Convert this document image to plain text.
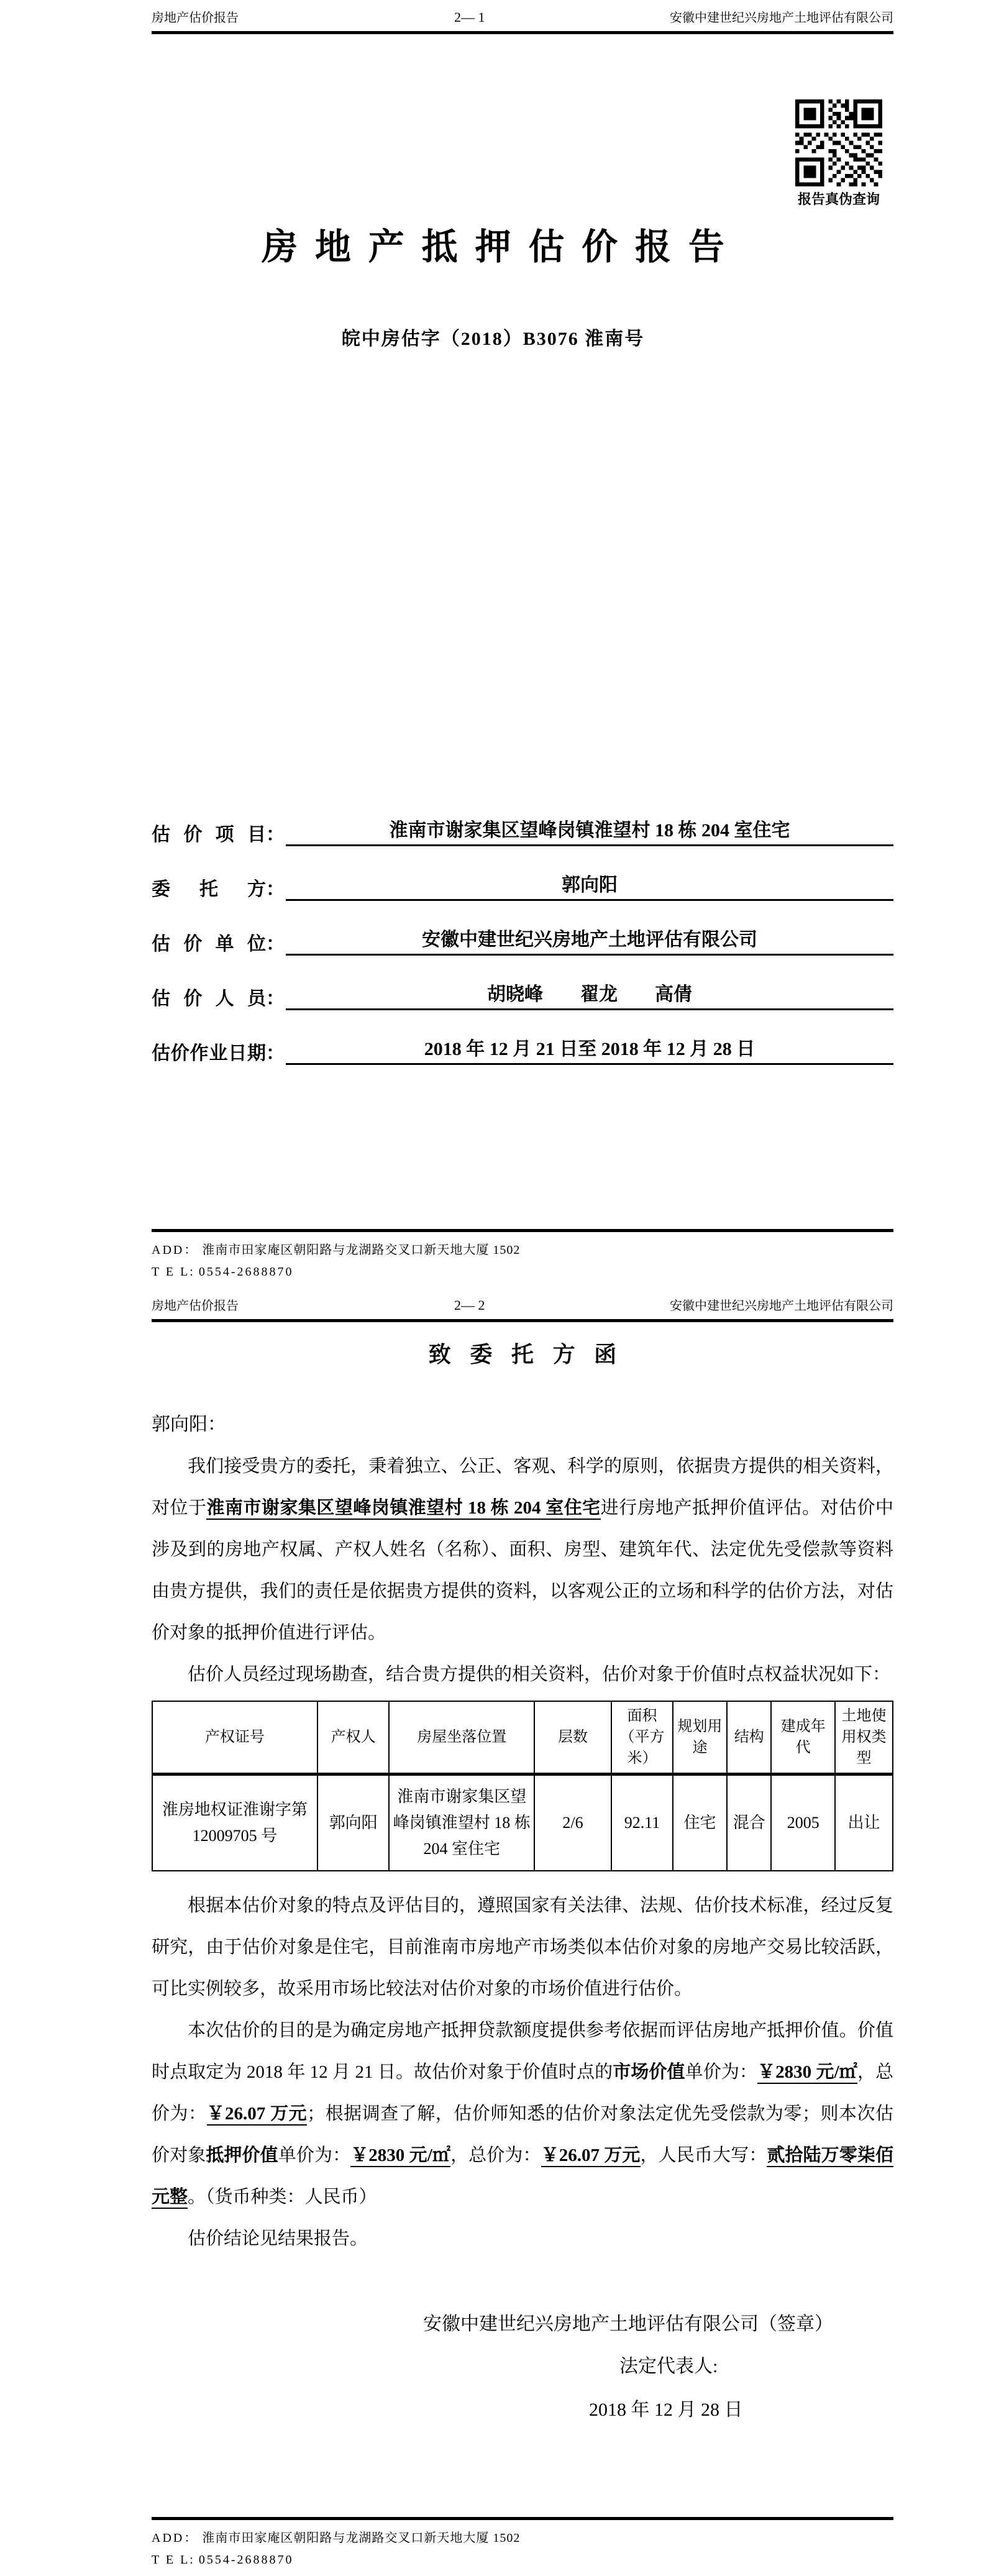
房地产估价报告	2— 1	安徽中建世纪兴房地产土地评估有限公司
报告真伪查询
房地产抵押估价报告
皖中房估字（2018）B3076 淮南号
估价项目 ：	淮南市谢家集区望峰岗镇淮望村 18 栋 204 室住宅
委托方 ：	郭向阳
估价单位 ：	安徽中建世纪兴房地产土地评估有限公司
估价人员 ：	胡晓峰　　翟龙　　高倩
估价作业日期 ：	2018 年 12 月 21 日至 2018 年 12 月 28 日
ADD： 淮南市田家庵区朝阳路与龙湖路交叉口新天地大厦 1502
T E L: 0554-2688870
房地产估价报告	2— 2	安徽中建世纪兴房地产土地评估有限公司
致委托方函
郭向阳：

我们接受贵方的委托，秉着独立、公正、客观、科学的原则，依据贵方提供的相关资料，对位于淮南市谢家集区望峰岗镇淮望村 18 栋 204 室住宅进行房地产抵押价值评估。对估价中涉及到的房地产权属、产权人姓名（名称）、面积、房型、建筑年代、法定优先受偿款等资料由贵方提供，我们的责任是依据贵方提供的资料，以客观公正的立场和科学的估价方法，对估价对象的抵押价值进行评估。

估价人员经过现场勘查，结合贵方提供的相关资料，估价对象于价值时点权益状况如下：

产权证号	产权人	房屋坐落位置	层数	面积（平方米）	规划用途	结构	建成年代	土地使用权类型
淮房地权证淮谢字第12009705 号	郭向阳	淮南市谢家集区望峰岗镇淮望村 18 栋 204 室住宅	2/6	92.11	住宅	混合	2005	出让

根据本估价对象的特点及评估目的，遵照国家有关法律、法规、估价技术标准，经过反复研究，由于估价对象是住宅，目前淮南市房地产市场类似本估价对象的房地产交易比较活跃，可比实例较多，故采用市场比较法对估价对象的市场价值进行估价。

本次估价的目的是为确定房地产抵押贷款额度提供参考依据而评估房地产抵押价值。价值时点取定为 2018 年 12 月 21 日。故估价对象于价值时点的市场价值单价为：￥2830 元/㎡，总价为：￥26.07 万元；根据调查了解，估价师知悉的估价对象法定优先受偿款为零；则本次估价对象抵押价值单价为：￥2830 元/㎡，总价为：￥26.07 万元，人民币大写：贰拾陆万零柒佰元整。（货币种类：人民币）

估价结论见结果报告。

安徽中建世纪兴房地产土地评估有限公司（签章）
法定代表人:
2018 年 12 月 28 日
ADD： 淮南市田家庵区朝阳路与龙湖路交叉口新天地大厦 1502
T E L: 0554-2688870
